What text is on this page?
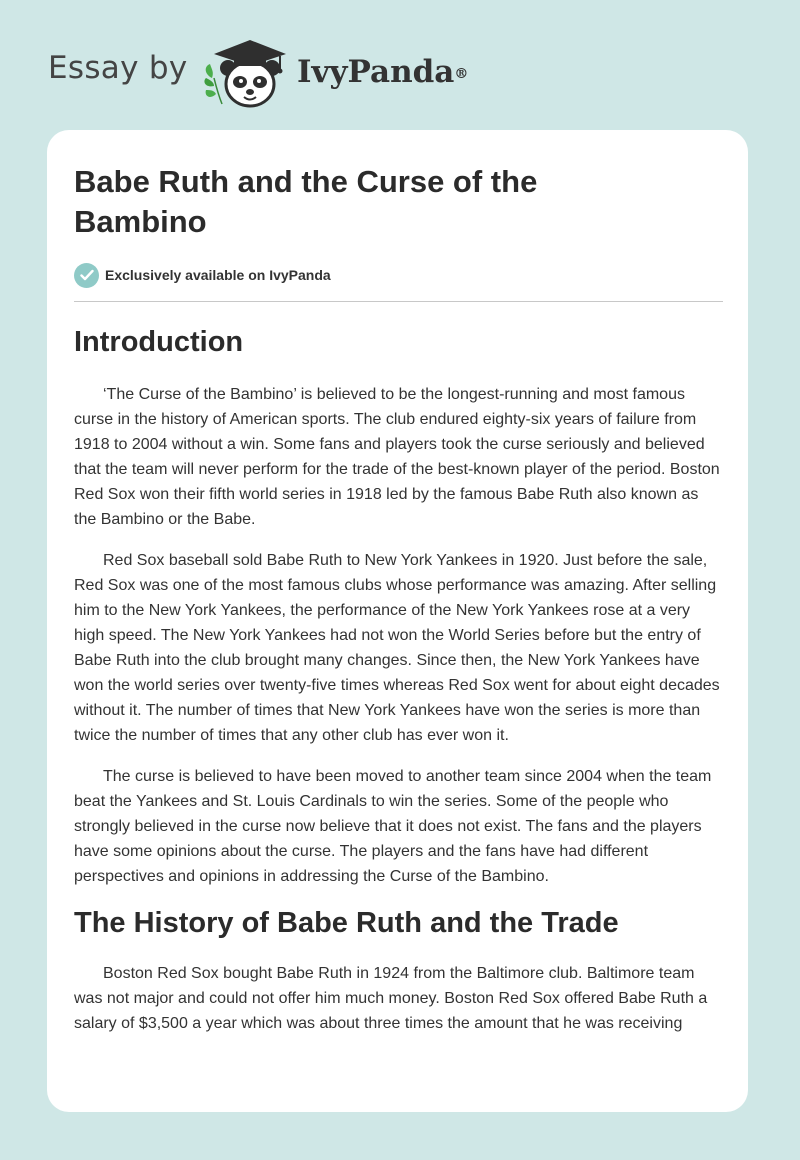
Essay by	IvyPanda®
Babe Ruth and the Curse of the Bambino
Exclusively available on IvyPanda
Introduction

‘The Curse of the Bambino’ is believed to be the longest-running and most famous curse in the history of American sports. The club endured eighty-six years of failure from 1918 to 2004 without a win. Some fans and players took the curse seriously and believed that the team will never perform for the trade of the best-known player of the period. Boston Red Sox won their fifth world series in 1918 led by the famous Babe Ruth also known as the Bambino or the Babe.

Red Sox baseball sold Babe Ruth to New York Yankees in 1920. Just before the sale, Red Sox was one of the most famous clubs whose performance was amazing. After selling him to the New York Yankees, the performance of the New York Yankees rose at a very high speed. The New York Yankees had not won the World Series before but the entry of Babe Ruth into the club brought many changes. Since then, the New York Yankees have won the world series over twenty-five times whereas Red Sox went for about eight decades without it. The number of times that New York Yankees have won the series is more than twice the number of times that any other club has ever won it.

The curse is believed to have been moved to another team since 2004 when the team beat the Yankees and St. Louis Cardinals to win the series. Some of the people who strongly believed in the curse now believe that it does not exist. The fans and the players have some opinions about the curse. The players and the fans have had different perspectives and opinions in addressing the Curse of the Bambino.

The History of Babe Ruth and the Trade

Boston Red Sox bought Babe Ruth in 1924 from the Baltimore club. Baltimore team was not major and could not offer him much money. Boston Red Sox offered Babe Ruth a salary of $3,500 a year which was about three times the amount that he was receiving
